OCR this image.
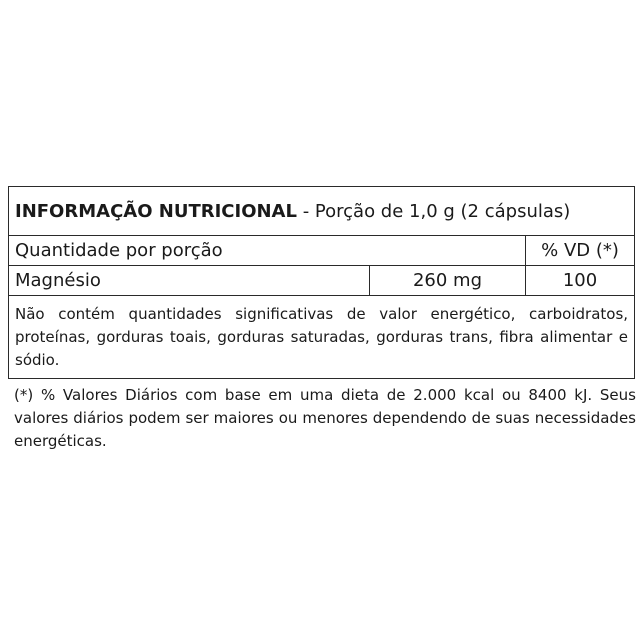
INFORMAÇÃO NUTRICIONAL - Porção de 1,0 g (2 cápsulas)		
Quantidade por porção		% VD (*)
Magnésio	260 mg	100
Não contém quantidades significativas de valor energético, carboidratos, proteínas, gorduras toais, gorduras saturadas, gorduras trans, fibra alimentar e sódio.		
(*) % Valores Diários com base em uma dieta de 2.000 kcal ou 8400 kJ. Seus valores diários podem ser maiores ou menores dependendo de suas necessidades energéticas.
